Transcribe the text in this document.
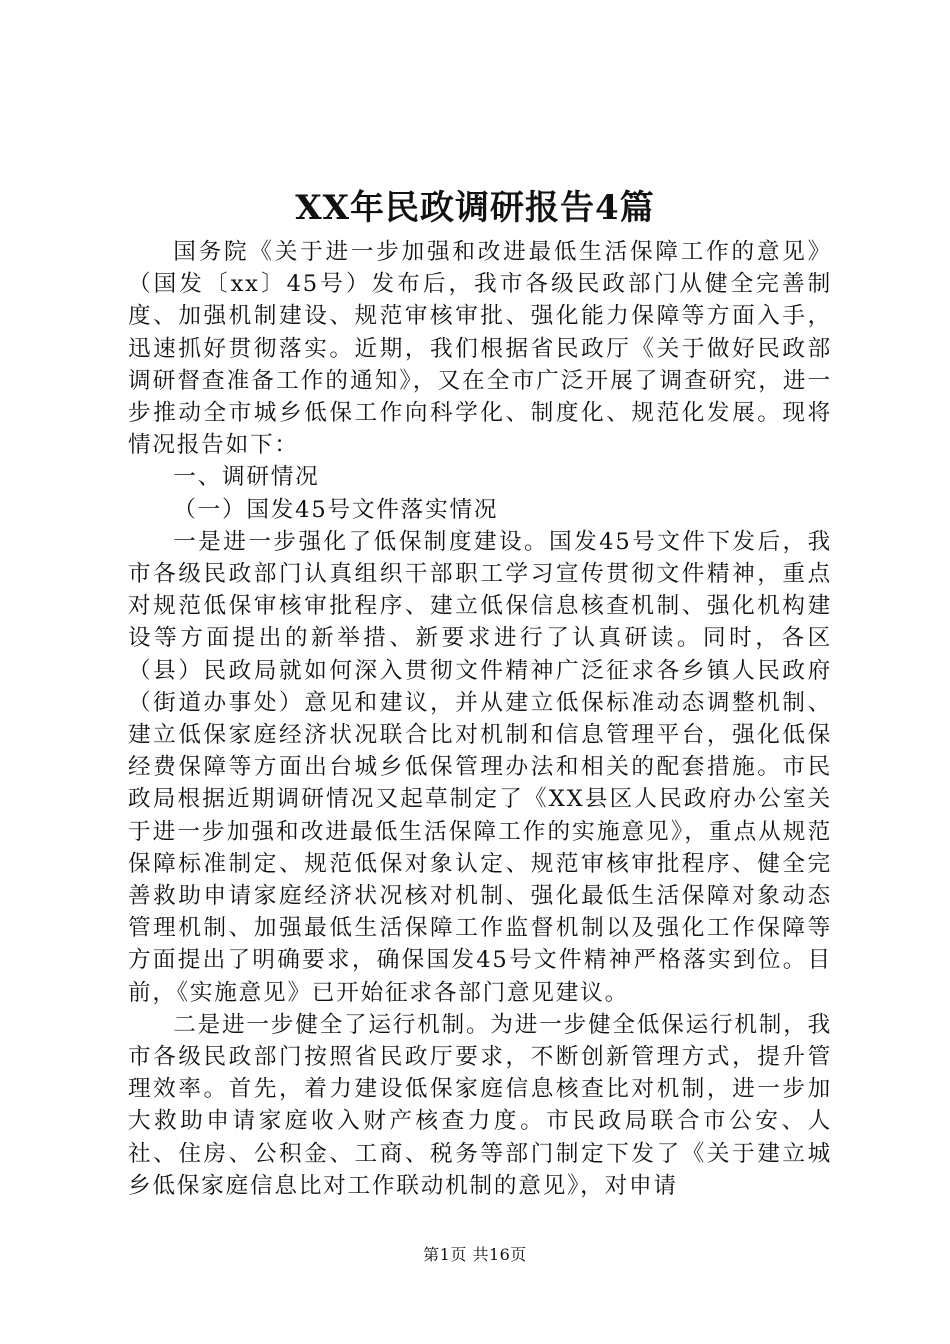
XX年民政调研报告4篇

国务院《关于进一步加强和改进最低生活保障工作的意见》（国发〔xx〕45号）发布后，我市各级民政部门从健全完善制度、加强机制建设、规范审核审批、强化能力保障等方面入手，迅速抓好贯彻落实。近期，我们根据省民政厅《关于做好民政部调研督查准备工作的通知》，又在全市广泛开展了调查研究，进一步推动全市城乡低保工作向科学化、制度化、规范化发展。现将情况报告如下：

一、调研情况

（一）国发45号文件落实情况

一是进一步强化了低保制度建设。国发45号文件下发后，我市各级民政部门认真组织干部职工学习宣传贯彻文件精神，重点对规范低保审核审批程序、建立低保信息核查机制、强化机构建设等方面提出的新举措、新要求进行了认真研读。同时，各区（县）民政局就如何深入贯彻文件精神广泛征求各乡镇人民政府（街道办事处）意见和建议，并从建立低保标准动态调整机制、建立低保家庭经济状况联合比对机制和信息管理平台，强化低保经费保障等方面出台城乡低保管理办法和相关的配套措施。市民政局根据近期调研情况又起草制定了《XX县区人民政府办公室关于进一步加强和改进最低生活保障工作的实施意见》，重点从规范保障标准制定、规范低保对象认定、规范审核审批程序、健全完善救助申请家庭经济状况核对机制、强化最低生活保障对象动态管理机制、加强最低生活保障工作监督机制以及强化工作保障等方面提出了明确要求，确保国发45号文件精神严格落实到位。目前，《实施意见》已开始征求各部门意见建议。

二是进一步健全了运行机制。为进一步健全低保运行机制，我市各级民政部门按照省民政厅要求，不断创新管理方式，提升管理效率。首先，着力建设低保家庭信息核查比对机制，进一步加大救助申请家庭收入财产核查力度。市民政局联合市公安、人社、住房、公积金、工商、税务等部门制定下发了《关于建立城乡低保家庭信息比对工作联动机制的意见》，对申请

第1页 共16页
